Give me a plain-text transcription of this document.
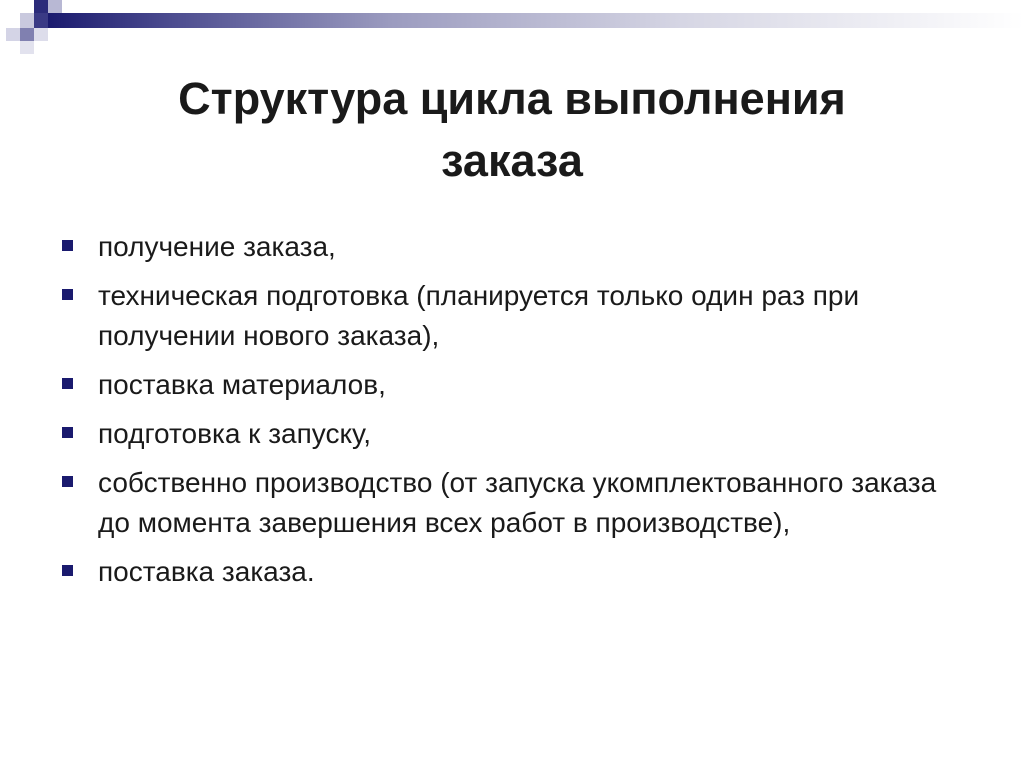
Структура цикла выполнения
заказа
получение заказа,
техническая подготовка (планируется только один раз при получении нового заказа),
поставка материалов,
подготовка к запуску,
собственно производство (от запуска укомплектованного заказа до момента завершения всех работ в производстве),
поставка заказа.
